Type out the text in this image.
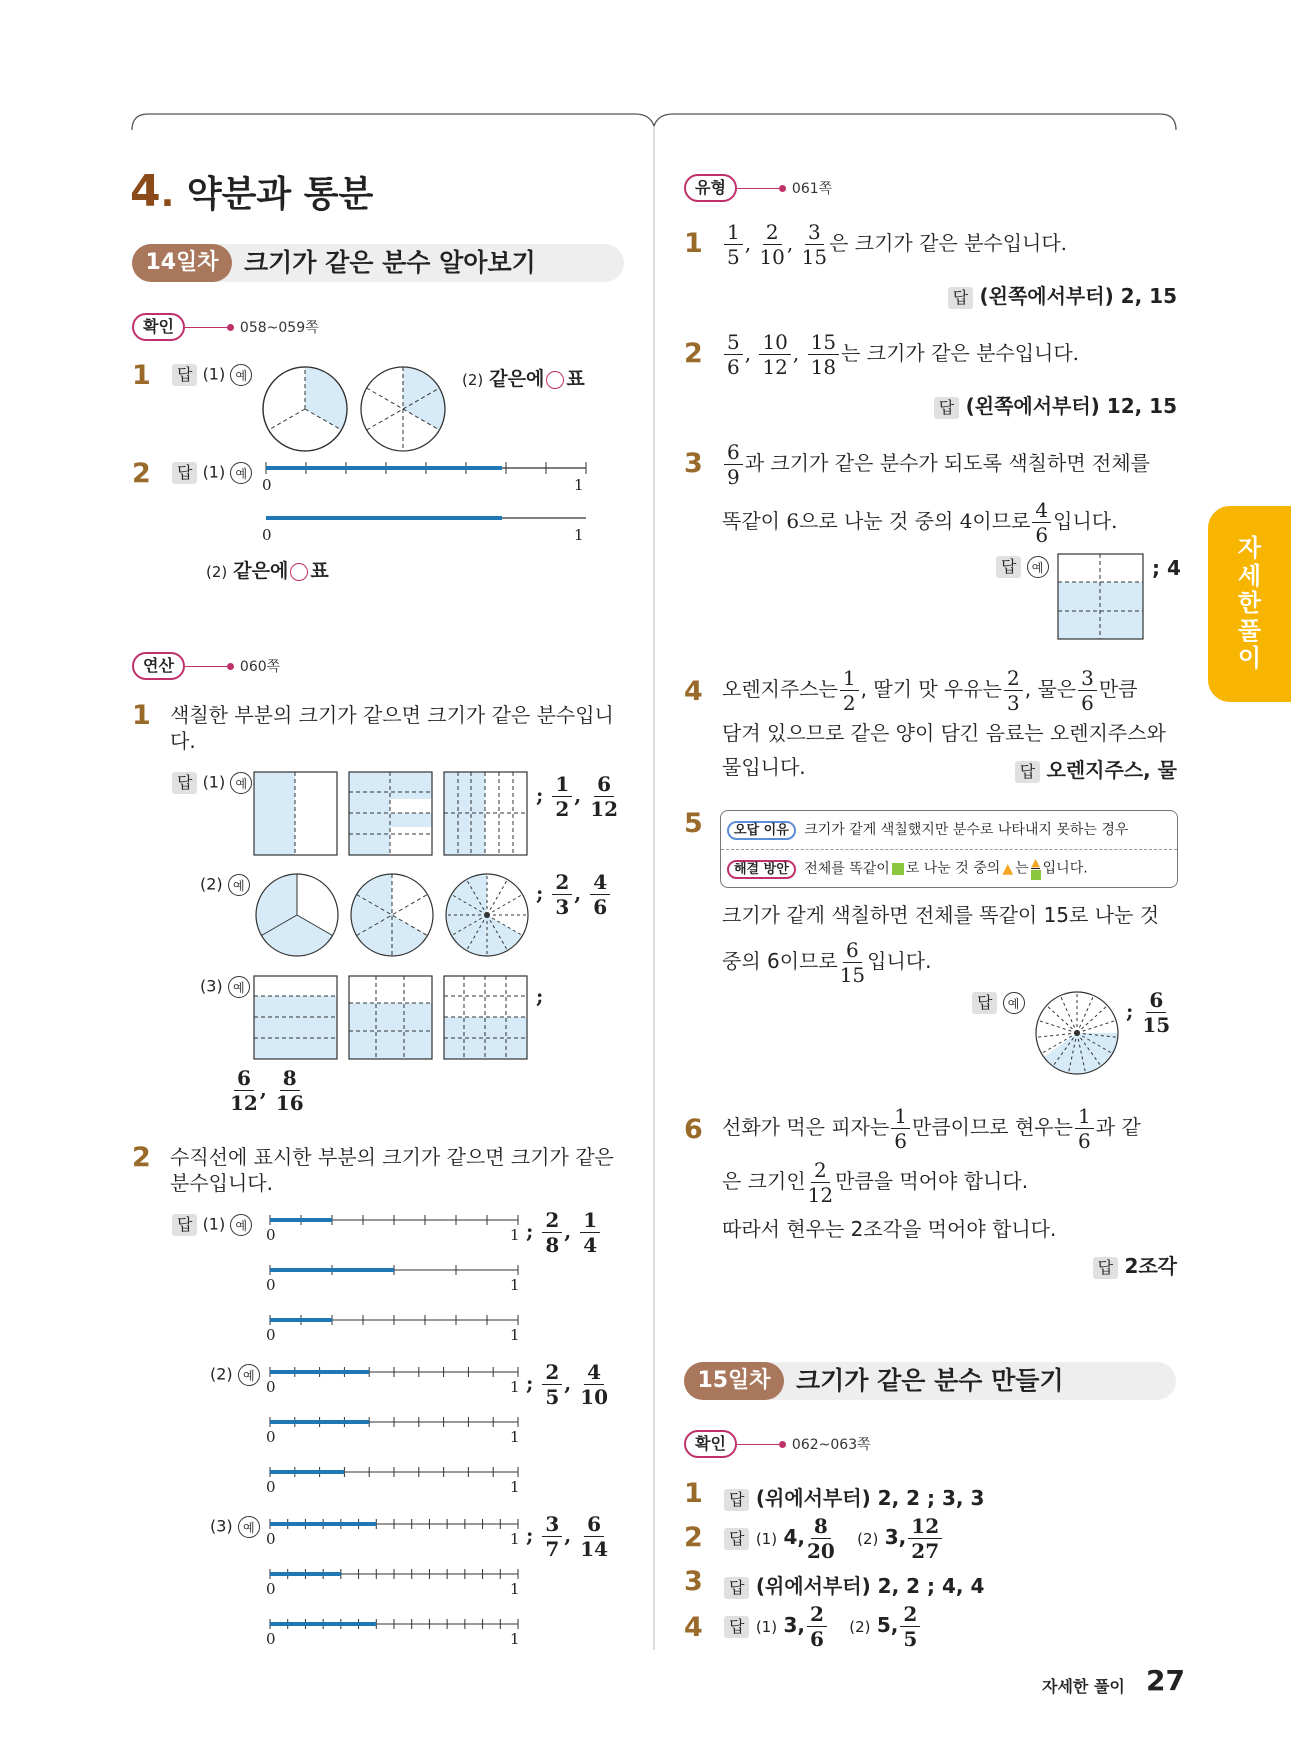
4. 약분과 통분
14일차	크기가 같은 분수 알아보기
확인	058~059쪽
1	답 (1) 예	(2) 같은에 표
2	답 (1) 예
0	1
0	1
(2) 같은에 표
연산	060쪽
1 색칠한 부분의 크기가 같으면 크기가 같은 분수입니다.
답 (1) 예	; $\frac{1}{2}$ , $\frac{6}{12}$
(2) 예	; $\frac{2}{3}$ , $\frac{4}{6}$
(3) 예	;
$\frac{6}{12}$ , $\frac{8}{16}$
2 수직선에 표시한 부분의 크기가 같으면 크기가 같은 분수입니다.
답 (1) 예
(2) 예
(3) 예
0	1
0	1
0	1
0	1
0	1
0	1
0	1
0	1
0	1
; $\frac{2}{8}$ , $\frac{1}{4}$
; $\frac{2}{5}$ , $\frac{4}{10}$
; $\frac{3}{7}$ , $\frac{6}{14}$
유형	061쪽
$1 \frac{1}{5}$ , $\frac{2}{10}$ , $\frac{3}{15}$ 은 크기가 같은 분수입니다.
답 (왼쪽에서부터) 2, 15
$2 \frac{5}{6}$ , $\frac{10}{12}$ , $\frac{15}{18}$ 는 크기가 같은 분수입니다.
답 (왼쪽에서부터) 12, 15
$3 \frac{6}{9}$ 과 크기가 같은 분수가 되도록 색칠하면 전체를
똑같이 6으로 나눈 것 중의 4이므로 $\frac{4}{6}$ 입니다.
답 예	; 4
4 오렌지주스는 $\frac{1}{2}$ , 딸기 맛 우유는 $\frac{2}{3}$ , 물은 $\frac{3}{6}$ 만큼
담겨 있으므로 같은 양이 담긴 음료는 오렌지주스와
물입니다.	답 오렌지주스, 물
5	오답 이유 크기가 같게 색칠했지만 분수로 나타내지 못하는 경우
해결 방안 전체를 똑같이 로 나눈 것 중의 ▲ 는 ▲ 입니다.
크기가 같게 색칠하면 전체를 똑같이 15로 나눈 것
중의 6이므로 $\frac{6}{15}$ 입니다.
답 예	; $\frac{6}{15}$
6 선화가 먹은 피자는 $\frac{1}{6}$ 만큼이므로 현우는 $\frac{1}{6}$ 과 같
은 크기인 $\frac{2}{12}$ 만큼을 먹어야 합니다.
따라서 현우는 2조각을 먹어야 합니다.
답 2조각
15일차	크기가 같은 분수 만들기
확인	062~063쪽
1	답 (위에서부터) 2, 2 ; 3, 3
2	답 (1) 4, $\frac{8}{20} (2)$ 3, $\frac{12}{27}$
3	답 (위에서부터) 2, 2 ; 4, 4
4	답 (1) 3, $\frac{2}{6} (2)$ 5, $\frac{2}{5}$
자
세
한
풀
이
자세한 풀이 27
